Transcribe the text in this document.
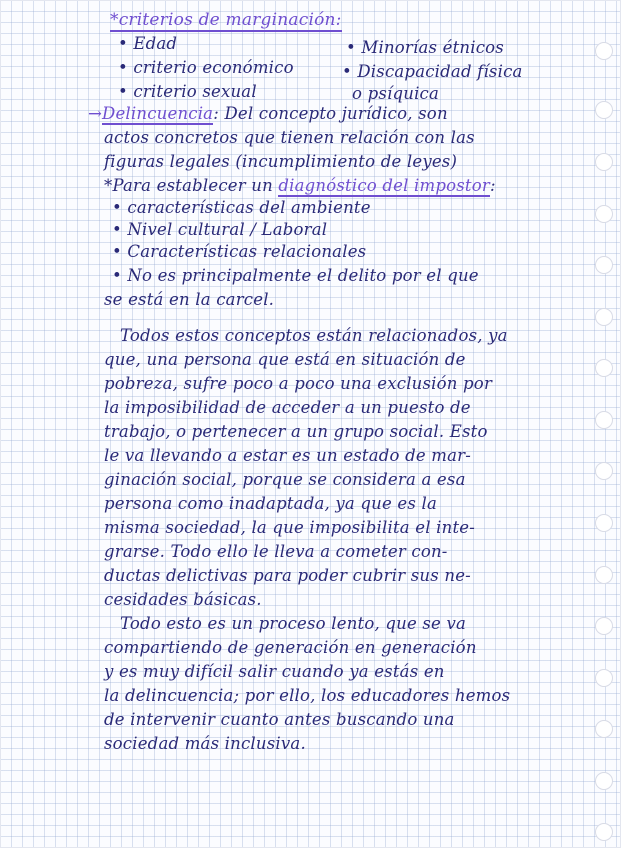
*criterios de marginación:
• Edad
• criterio económico
• criterio sexual
• Minorías étnicos
• Discapacidad física
o psíquica
→Delincuencia: Del concepto jurídico, son
actos concretos que tienen relación con las
figuras legales (incumplimiento de leyes)
*Para establecer un diagnóstico del impostor:
• características del ambiente
• Nivel cultural / Laboral
• Características relacionales
• No es principalmente el delito por el que
se está en la carcel.
Todos estos conceptos están relacionados, ya
que, una persona que está en situación de
pobreza, sufre poco a poco una exclusión por
la imposibilidad de acceder a un puesto de
trabajo, o pertenecer a un grupo social. Esto
le va llevando a estar es un estado de mar-
ginación social, porque se considera a esa
persona como inadaptada, ya que es la
misma sociedad, la que imposibilita el inte-
grarse. Todo ello le lleva a cometer con-
ductas delictivas para poder cubrir sus ne-
cesidades básicas.
Todo esto es un proceso lento, que se va
compartiendo de generación en generación
y es muy difícil salir cuando ya estás en
la delincuencia; por ello, los educadores hemos
de intervenir cuanto antes buscando una
sociedad más inclusiva.
